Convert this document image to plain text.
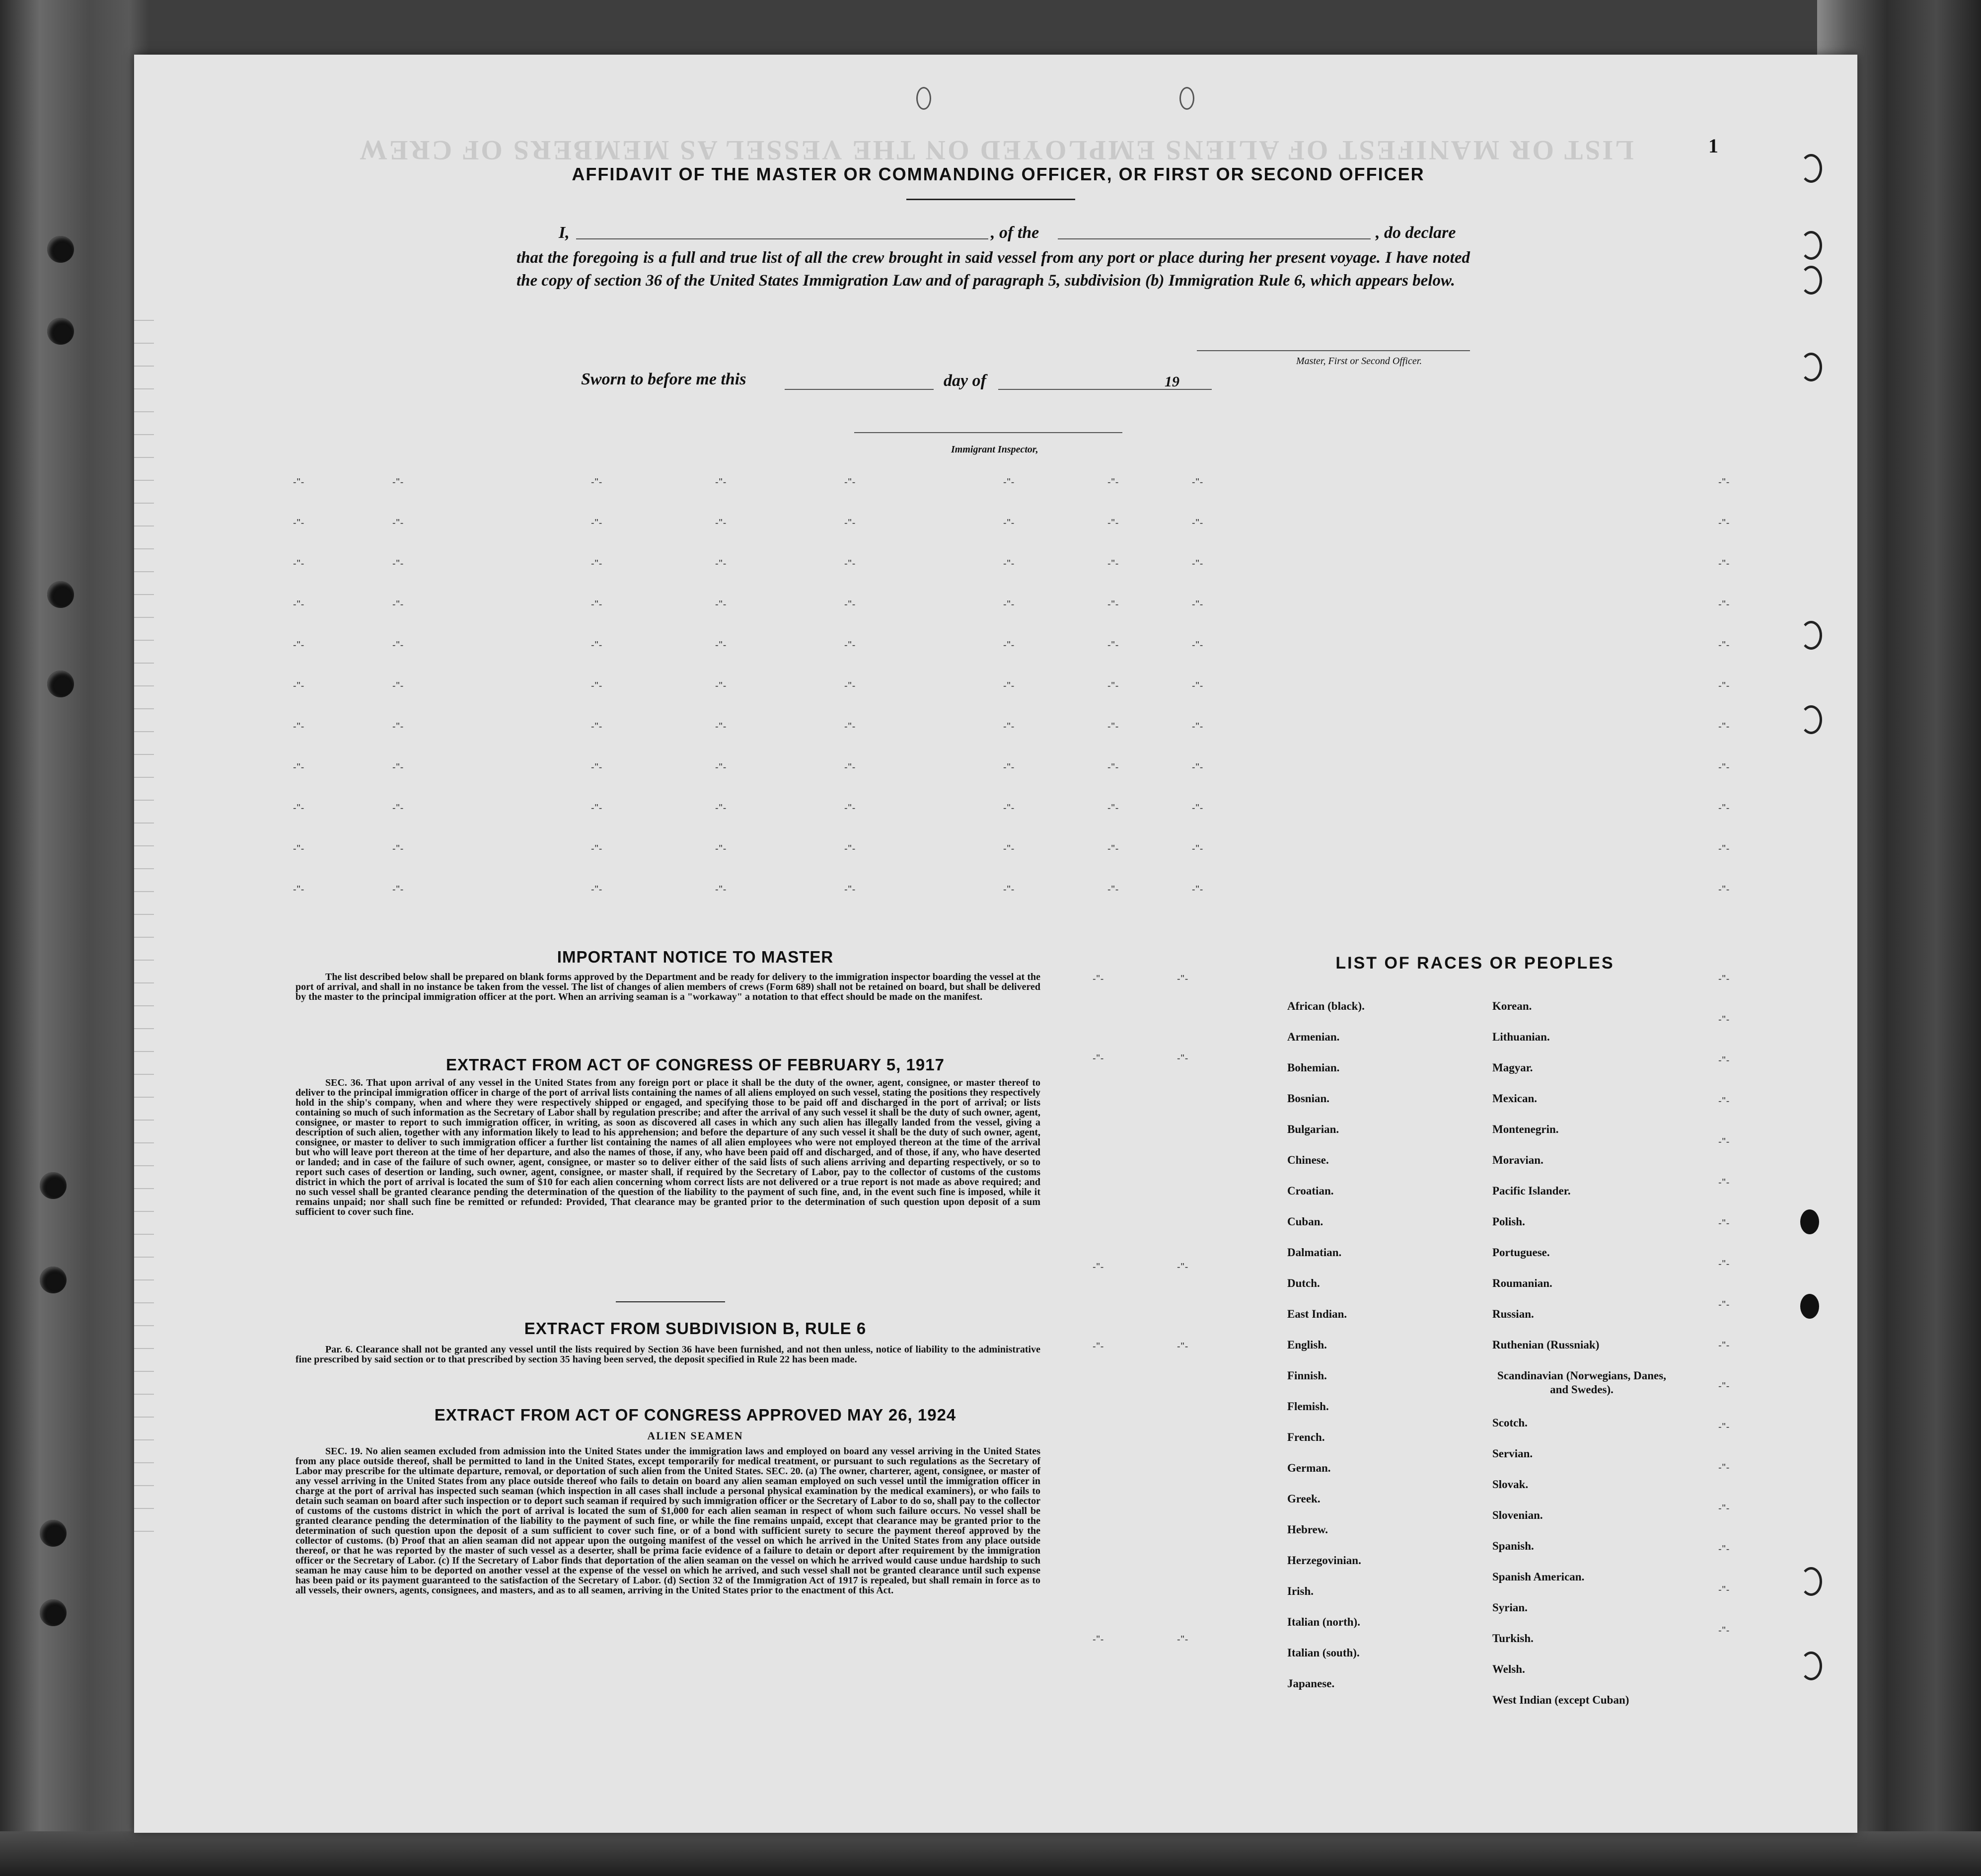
LIST OR MANIFEST OF ALIENS EMPLOYED ON THE VESSEL AS MEMBERS OF CREW	1
AFFIDAVIT OF THE MASTER OR COMMANDING OFFICER, OR FIRST OR SECOND OFFICER
I,	, of the	, do declare
that the foregoing is a full and true list of all the crew brought in said vessel from any port or place during her present voyage. I have noted the copy of section 36 of the United States Immigration Law and of paragraph 5, subdivision (b) Immigration Rule 6, which appears below.
Master, First or Second Officer.
Sworn to before me this	day of	19
Immigrant Inspector,
-"-	-"-	-"-	-"-	-"-	-"-	-"-	-"-	-"-
-"-	-"-	-"-	-"-	-"-	-"-	-"-	-"-	-"-
-"-	-"-	-"-	-"-	-"-	-"-	-"-	-"-	-"-
-"-	-"-	-"-	-"-	-"-	-"-	-"-	-"-	-"-
-"-	-"-	-"-	-"-	-"-	-"-	-"-	-"-	-"-
-"-	-"-	-"-	-"-	-"-	-"-	-"-	-"-	-"-
-"-	-"-	-"-	-"-	-"-	-"-	-"-	-"-	-"-
-"-	-"-	-"-	-"-	-"-	-"-	-"-	-"-	-"-
-"-	-"-	-"-	-"-	-"-	-"-	-"-	-"-	-"-
-"-	-"-	-"-	-"-	-"-	-"-	-"-	-"-	-"-
-"-	-"-	-"-	-"-	-"-	-"-	-"-	-"-	-"-
-"-
-"-
-"-
-"-
-"-
-"-
-"-
-"-
-"-
-"-
-"-
-"-
-"-
-"-
-"-
-"-
-"-
-"-	-"-
-"-	-"-
-"-	-"-
-"-	-"-
-"-	-"-
IMPORTANT NOTICE TO MASTER
The list described below shall be prepared on blank forms approved by the Department and be ready for delivery to the immigration inspector boarding the vessel at the port of arrival, and shall in no instance be taken from the vessel. The list of changes of alien members of crews (Form 689) shall not be retained on board, but shall be delivered by the master to the principal immigration officer at the port. When an arriving seaman is a "workaway" a notation to that effect should be made on the manifest.
EXTRACT FROM ACT OF CONGRESS OF FEBRUARY 5, 1917
SEC. 36. That upon arrival of any vessel in the United States from any foreign port or place it shall be the duty of the owner, agent, consignee, or master thereof to deliver to the principal immigration officer in charge of the port of arrival lists containing the names of all aliens employed on such vessel, stating the positions they respectively hold in the ship's company, when and where they were respectively shipped or engaged, and specifying those to be paid off and discharged in the port of arrival; or lists containing so much of such information as the Secretary of Labor shall by regulation prescribe; and after the arrival of any such vessel it shall be the duty of such owner, agent, consignee, or master to report to such immigration officer, in writing, as soon as discovered all cases in which any such alien has illegally landed from the vessel, giving a description of such alien, together with any information likely to lead to his apprehension; and before the departure of any such vessel it shall be the duty of such owner, agent, consignee, or master to deliver to such immigration officer a further list containing the names of all alien employees who were not employed thereon at the time of the arrival but who will leave port thereon at the time of her departure, and also the names of those, if any, who have been paid off and discharged, and of those, if any, who have deserted or landed; and in case of the failure of such owner, agent, consignee, or master so to deliver either of the said lists of such aliens arriving and departing respectively, or so to report such cases of desertion or landing, such owner, agent, consignee, or master shall, if required by the Secretary of Labor, pay to the collector of customs of the customs district in which the port of arrival is located the sum of $10 for each alien concerning whom correct lists are not delivered or a true report is not made as above required; and no such vessel shall be granted clearance pending the determination of the question of the liability to the payment of such fine, and, in the event such fine is imposed, while it remains unpaid; nor shall such fine be remitted or refunded: Provided, That clearance may be granted prior to the determination of such question upon deposit of a sum sufficient to cover such fine.
EXTRACT FROM SUBDIVISION B, RULE 6
Par. 6. Clearance shall not be granted any vessel until the lists required by Section 36 have been furnished, and not then unless, notice of liability to the administrative fine prescribed by said section or to that prescribed by section 35 having been served, the deposit specified in Rule 22 has been made.
EXTRACT FROM ACT OF CONGRESS APPROVED MAY 26, 1924
ALIEN SEAMEN
SEC. 19. No alien seamen excluded from admission into the United States under the immigration laws and employed on board any vessel arriving in the United States from any place outside thereof, shall be permitted to land in the United States, except temporarily for medical treatment, or pursuant to such regulations as the Secretary of Labor may prescribe for the ultimate departure, removal, or deportation of such alien from the United States. SEC. 20. (a) The owner, charterer, agent, consignee, or master of any vessel arriving in the United States from any place outside thereof who fails to detain on board any alien seaman employed on such vessel until the immigration officer in charge at the port of arrival has inspected such seaman (which inspection in all cases shall include a personal physical examination by the medical examiners), or who fails to detain such seaman on board after such inspection or to deport such seaman if required by such immigration officer or the Secretary of Labor to do so, shall pay to the collector of customs of the customs district in which the port of arrival is located the sum of $1,000 for each alien seaman in respect of whom such failure occurs. No vessel shall be granted clearance pending the determination of the liability to the payment of such fine, or while the fine remains unpaid, except that clearance may be granted prior to the determination of such question upon the deposit of a sum sufficient to cover such fine, or of a bond with sufficient surety to secure the payment thereof approved by the collector of customs. (b) Proof that an alien seaman did not appear upon the outgoing manifest of the vessel on which he arrived in the United States from any place outside thereof, or that he was reported by the master of such vessel as a deserter, shall be prima facie evidence of a failure to detain or deport after requirement by the immigration officer or the Secretary of Labor. (c) If the Secretary of Labor finds that deportation of the alien seaman on the vessel on which he arrived would cause undue hardship to such seaman he may cause him to be deported on another vessel at the expense of the vessel on which he arrived, and such vessel shall not be granted clearance until such expense has been paid or its payment guaranteed to the satisfaction of the Secretary of Labor. (d) Section 32 of the Immigration Act of 1917 is repealed, but shall remain in force as to all vessels, their owners, agents, consignees, and masters, and as to all seamen, arriving in the United States prior to the enactment of this Act.
LIST OF RACES OR PEOPLES
African (black).
Armenian.
Bohemian.
Bosnian.
Bulgarian.
Chinese.
Croatian.
Cuban.
Dalmatian.
Dutch.
East Indian.
English.
Finnish.
Flemish.
French.
German.
Greek.
Hebrew.
Herzegovinian.
Irish.
Italian (north).
Italian (south).
Japanese.
Korean.
Lithuanian.
Magyar.
Mexican.
Montenegrin.
Moravian.
Pacific Islander.
Polish.
Portuguese.
Roumanian.
Russian.
Ruthenian (Russniak)
Scandinavian (Norwegians, Danes, and Swedes).
Scotch.
Servian.
Slovak.
Slovenian.
Spanish.
Spanish American.
Syrian.
Turkish.
Welsh.
West Indian (except Cuban)
